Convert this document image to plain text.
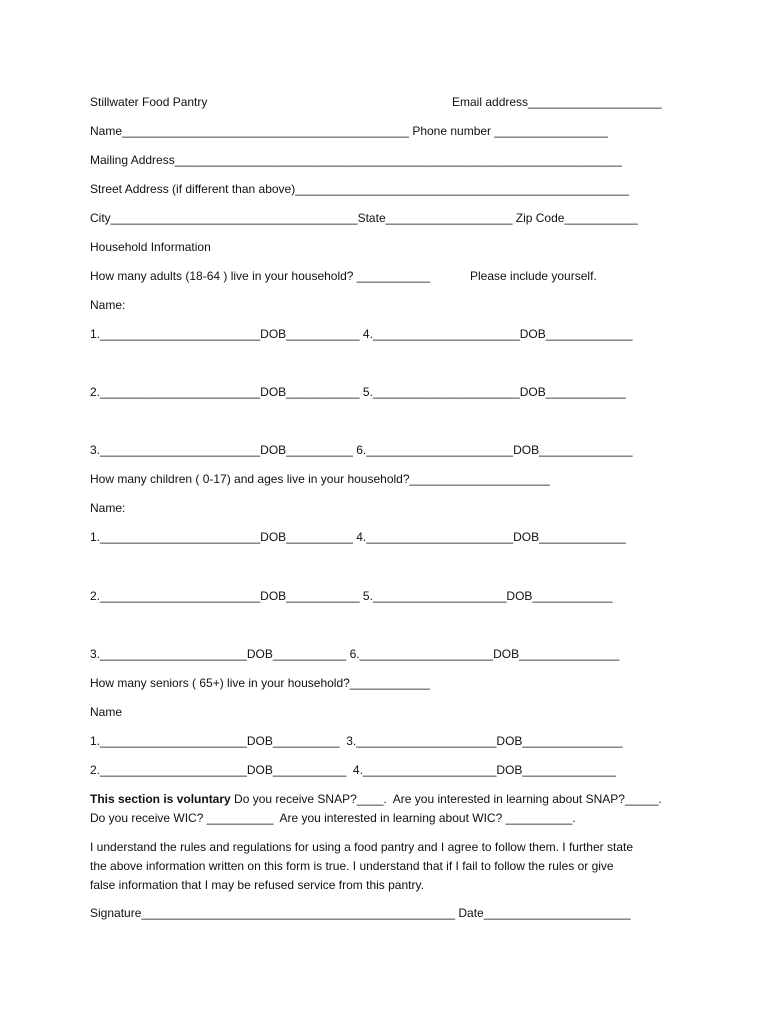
Stillwater Food Pantry	Email address____________________
Name___________________________________________ Phone number _________________
Mailing Address___________________________________________________________________
Street Address (if different than above)__________________________________________________
City_____________________________________State___________________ Zip Code___________
Household Information
How many adults (18-64 ) live in your household? ___________	Please include yourself.
Name:
1.________________________DOB___________ 4.______________________DOB_____________
2.________________________DOB___________ 5.______________________DOB____________
3.________________________DOB__________ 6.______________________DOB______________
How many children ( 0-17) and ages live in your household?_____________________
Name:
1.________________________DOB__________ 4.______________________DOB_____________
2.________________________DOB___________ 5.____________________DOB____________
3.______________________DOB___________ 6.____________________DOB_______________
How many seniors ( 65+) live in your household?____________
Name
1.______________________DOB__________  3._____________________DOB_______________
2.______________________DOB___________  4.____________________DOB______________
This section is voluntary Do you receive SNAP?____.  Are you interested in learning about SNAP?_____.
Do you receive WIC? __________  Are you interested in learning about WIC? __________.
I understand the rules and regulations for using a food pantry and I agree to follow them. I further state
the above information written on this form is true. I understand that if I fail to follow the rules or give
false information that I may be refused service from this pantry.
Signature_______________________________________________ Date______________________
